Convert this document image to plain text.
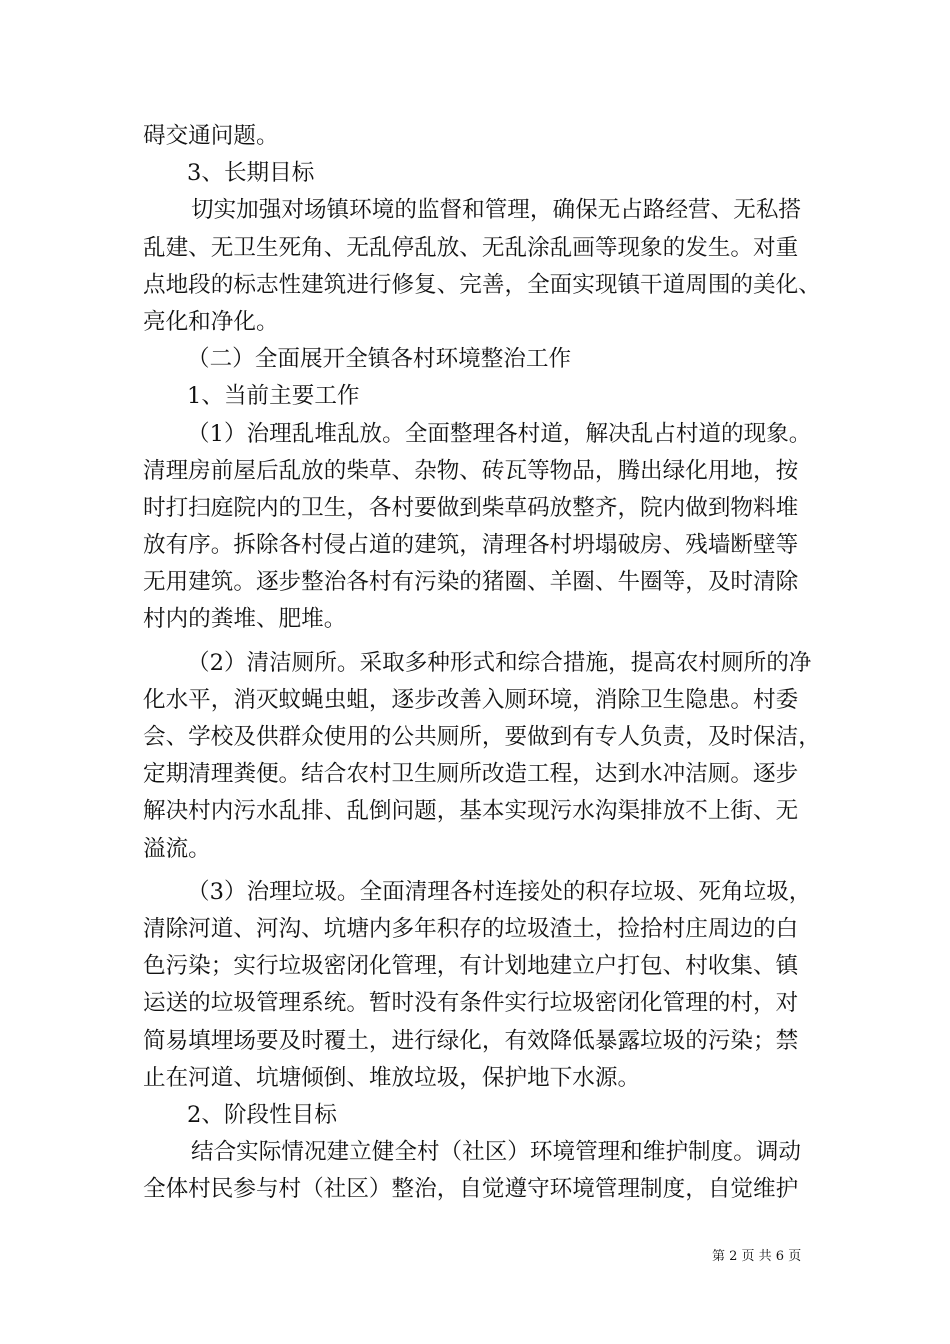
碍交通问题。
3、长期目标
切实加强对场镇环境的监督和管理，确保无占路经营、无私搭
乱建、无卫生死角、无乱停乱放、无乱涂乱画等现象的发生。对重
点地段的标志性建筑进行修复、完善，全面实现镇干道周围的美化、
亮化和净化。
（二）全面展开全镇各村环境整治工作
1、当前主要工作
（1）治理乱堆乱放。全面整理各村道，解决乱占村道的现象。
清理房前屋后乱放的柴草、杂物、砖瓦等物品，腾出绿化用地，按
时打扫庭院内的卫生，各村要做到柴草码放整齐，院内做到物料堆
放有序。拆除各村侵占道的建筑，清理各村坍塌破房、残墙断壁等
无用建筑。逐步整治各村有污染的猪圈、羊圈、牛圈等，及时清除
村内的粪堆、肥堆。
（2）清洁厕所。采取多种形式和综合措施，提高农村厕所的净
化水平，消灭蚊蝇虫蛆，逐步改善入厕环境，消除卫生隐患。村委
会、学校及供群众使用的公共厕所，要做到有专人负责，及时保洁，
定期清理粪便。结合农村卫生厕所改造工程，达到水冲洁厕。逐步
解决村内污水乱排、乱倒问题，基本实现污水沟渠排放不上街、无
溢流。
（3）治理垃圾。全面清理各村连接处的积存垃圾、死角垃圾，
清除河道、河沟、坑塘内多年积存的垃圾渣土，捡拾村庄周边的白
色污染；实行垃圾密闭化管理，有计划地建立户打包、村收集、镇
运送的垃圾管理系统。暂时没有条件实行垃圾密闭化管理的村，对
简易填埋场要及时覆土，进行绿化，有效降低暴露垃圾的污染；禁
止在河道、坑塘倾倒、堆放垃圾，保护地下水源。
2、阶段性目标
结合实际情况建立健全村（社区）环境管理和维护制度。调动
全体村民参与村（社区）整治，自觉遵守环境管理制度，自觉维护
第 2 页 共 6 页
